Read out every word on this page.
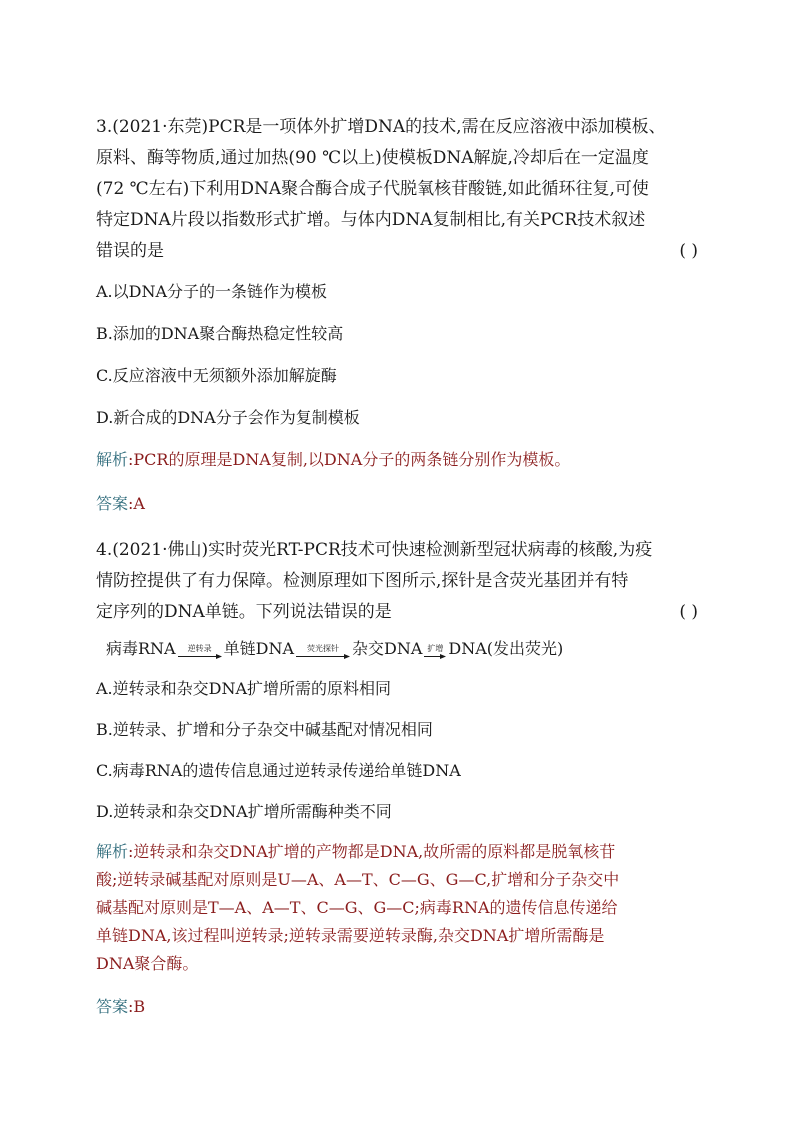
3.(2021·东莞)PCR是一项体外扩增DNA的技术,需在反应溶液中添加模板、
原料、酶等物质,通过加热(90 ℃以上)使模板DNA解旋,冷却后在一定温度
(72 ℃左右)下利用DNA聚合酶合成子代脱氧核苷酸链,如此循环往复,可使
特定DNA片段以指数形式扩增。与体内DNA复制相比,有关PCR技术叙述
错误的是	( )

A.以DNA分子的一条链作为模板

B.添加的DNA聚合酶热稳定性较高

C.反应溶液中无须额外添加解旋酶

D.新合成的DNA分子会作为复制模板

解析:PCR的原理是DNA复制,以DNA分子的两条链分别作为模板。

答案:A

4.(2021·佛山)实时荧光RT-PCR技术可快速检测新型冠状病毒的核酸,为疫
情防控提供了有力保障。检测原理如下图所示,探针是含荧光基团并有特
定序列的DNA单链。下列说法错误的是	( )

病毒RNA 逆转录 单链DNA 荧光探针 杂交DNA 扩增 DNA(发出荧光)

A.逆转录和杂交DNA扩增所需的原料相同

B.逆转录、扩增和分子杂交中碱基配对情况相同

C.病毒RNA的遗传信息通过逆转录传递给单链DNA

D.逆转录和杂交DNA扩增所需酶种类不同

解析:逆转录和杂交DNA扩增的产物都是DNA,故所需的原料都是脱氧核苷
酸;逆转录碱基配对原则是U—A、A—T、C—G、G—C,扩增和分子杂交中
碱基配对原则是T—A、A—T、C—G、G—C;病毒RNA的遗传信息传递给
单链DNA,该过程叫逆转录;逆转录需要逆转录酶,杂交DNA扩增所需酶是
DNA聚合酶。

答案:B
